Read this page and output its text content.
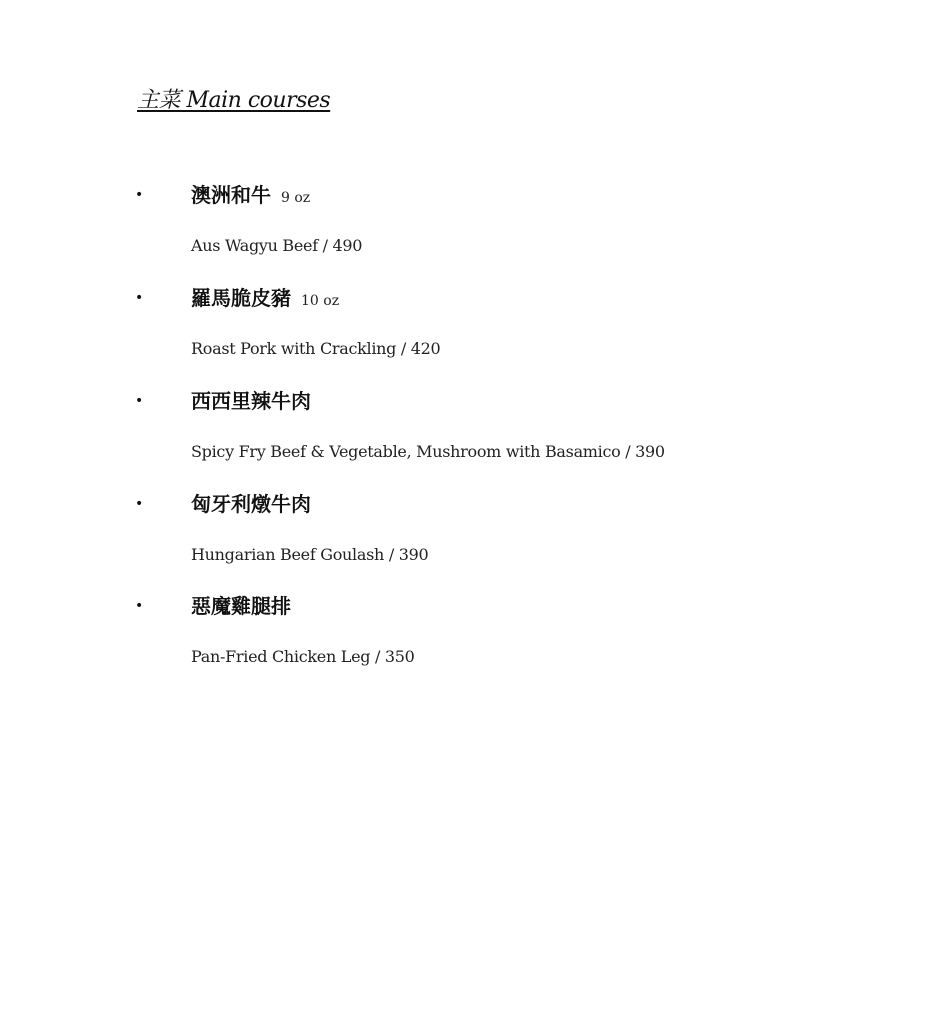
主菜 Main courses
• 澳洲和牛 9 oz
Aus Wagyu Beef / 490
• 羅馬脆皮豬 10 oz
Roast Pork with Crackling / 420
• 西西里辣牛肉
Spicy Fry Beef & Vegetable, Mushroom with Basamico / 390
• 匈牙利燉牛肉
Hungarian Beef Goulash / 390
• 惡魔雞腿排
Pan-Fried Chicken Leg / 350
